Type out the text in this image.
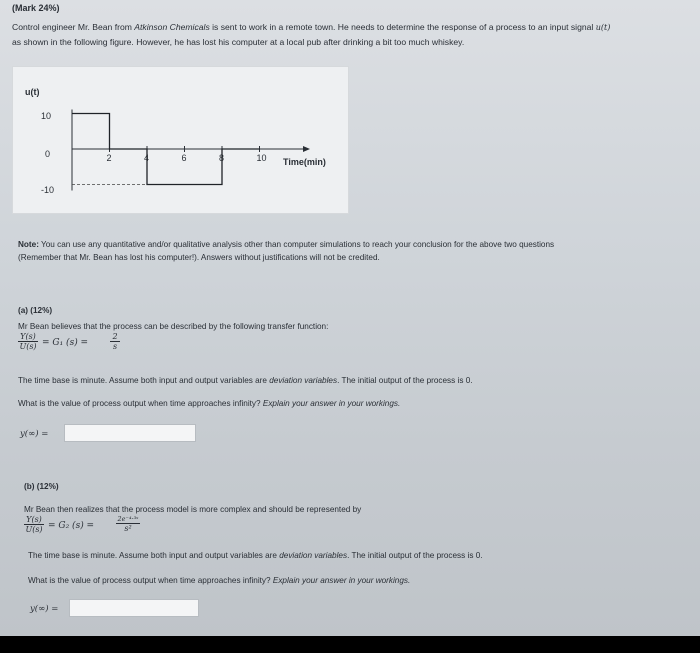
(Mark 24%)
Control engineer Mr. Bean from Atkinson Chemicals is sent to work in a remote town. He needs to determine the response of a process to an input signal u(t)
as shown in the following figure. However, he has lost his computer at a local pub after drinking a bit too much whiskey.
u(t)
10
0
-10
2	4	6	8	10 Time(min)
Note: You can use any quantitative and/or qualitative analysis other than computer simulations to reach your conclusion for the above two questions
(Remember that Mr. Bean has lost his computer!). Answers without justifications will not be credited.
(a) (12%)
Mr Bean believes that the process can be described by the following transfer function:
Y(s)
U(s) = G₁ (s) =
2
s
The time base is minute. Assume both input and output variables are deviation variables. The initial output of the process is 0.
What is the value of process output when time approaches infinity? Explain your answer in your workings.
y(∞) =
(b) (12%)
Mr Bean then realizes that the process model is more complex and should be represented by
Y(s)
U(s) = G₂ (s) =
2e⁻⁴·³ˢ
s²
The time base is minute. Assume both input and output variables are deviation variables. The initial output of the process is 0.
What is the value of process output when time approaches infinity? Explain your answer in your workings.
y(∞) =
